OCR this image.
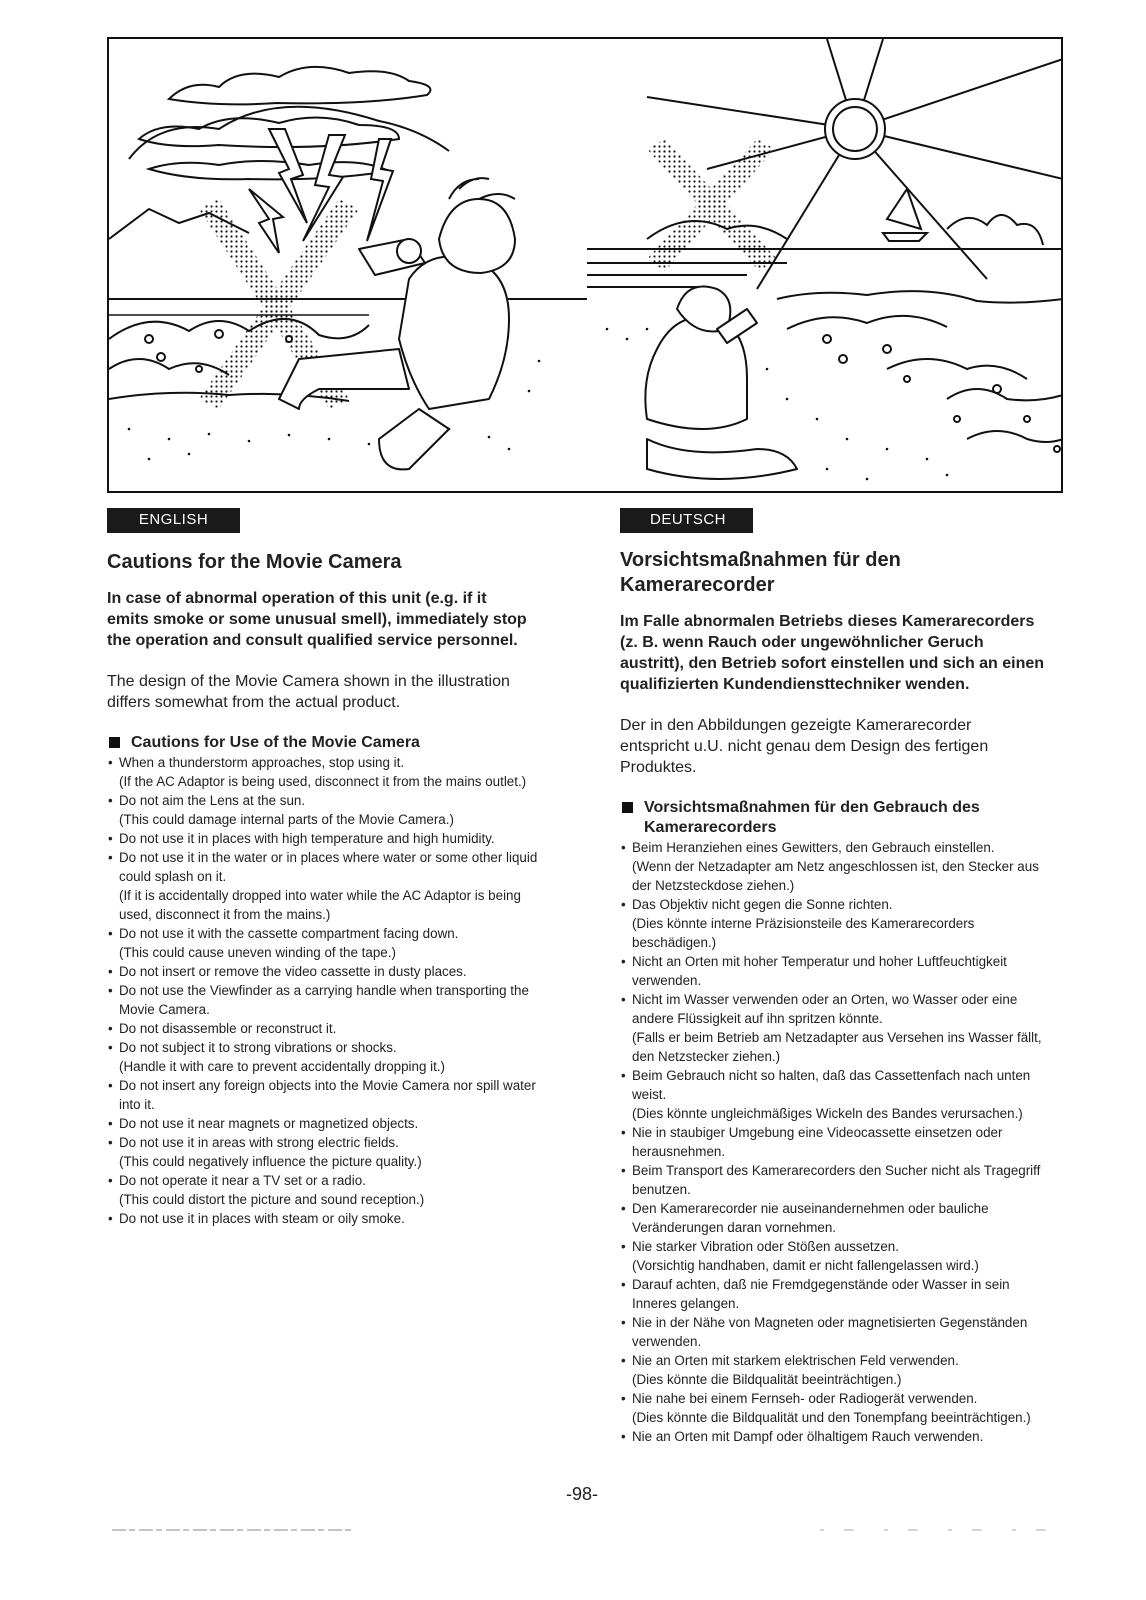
ENGLISH
Cautions for the Movie Camera
In case of abnormal operation of this unit (e.g. if it emits smoke or some unusual smell), immediately stop the operation and consult qualified service personnel.
The design of the Movie Camera shown in the illustration differs somewhat from the actual product.
Cautions for Use of the Movie Camera
• When a thunderstorm approaches, stop using it.
(If the AC Adaptor is being used, disconnect it from the mains outlet.)
• Do not aim the Lens at the sun.
(This could damage internal parts of the Movie Camera.)
• Do not use it in places with high temperature and high humidity.
• Do not use it in the water or in places where water or some other liquid could splash on it.
(If it is accidentally dropped into water while the AC Adaptor is being used, disconnect it from the mains.)
• Do not use it with the cassette compartment facing down.
(This could cause uneven winding of the tape.)
• Do not insert or remove the video cassette in dusty places.
• Do not use the Viewfinder as a carrying handle when transporting the Movie Camera.
• Do not disassemble or reconstruct it.
• Do not subject it to strong vibrations or shocks.
(Handle it with care to prevent accidentally dropping it.)
• Do not insert any foreign objects into the Movie Camera nor spill water into it.
• Do not use it near magnets or magnetized objects.
• Do not use it in areas with strong electric fields.
(This could negatively influence the picture quality.)
• Do not operate it near a TV set or a radio.
(This could distort the picture and sound reception.)
• Do not use it in places with steam or oily smoke.
DEUTSCH
Vorsichtsmaßnahmen für den Kamerarecorder
Im Falle abnormalen Betriebs dieses Kamerarecorders (z. B. wenn Rauch oder ungewöhnlicher Geruch austritt), den Betrieb sofort einstellen und sich an einen qualifizierten Kundendiensttechniker wenden.
Der in den Abbildungen gezeigte Kamerarecorder entspricht u.U. nicht genau dem Design des fertigen Produktes.
Vorsichtsmaßnahmen für den Gebrauch des Kamerarecorders
• Beim Heranziehen eines Gewitters, den Gebrauch einstellen.
(Wenn der Netzadapter am Netz angeschlossen ist, den Stecker aus der Netzsteckdose ziehen.)
• Das Objektiv nicht gegen die Sonne richten.
(Dies könnte interne Präzisionsteile des Kamerarecorders beschädigen.)
• Nicht an Orten mit hoher Temperatur und hoher Luftfeuchtigkeit verwenden.
• Nicht im Wasser verwenden oder an Orten, wo Wasser oder eine andere Flüssigkeit auf ihn spritzen könnte.
(Falls er beim Betrieb am Netzadapter aus Versehen ins Wasser fällt, den Netzstecker ziehen.)
• Beim Gebrauch nicht so halten, daß das Cassettenfach nach unten weist.
(Dies könnte ungleichmäßiges Wickeln des Bandes verursachen.)
• Nie in staubiger Umgebung eine Videocassette einsetzen oder herausnehmen.
• Beim Transport des Kamerarecorders den Sucher nicht als Tragegriff benutzen.
• Den Kamerarecorder nie auseinandernehmen oder bauliche Veränderungen daran vornehmen.
• Nie starker Vibration oder Stößen aussetzen.
(Vorsichtig handhaben, damit er nicht fallengelassen wird.)
• Darauf achten, daß nie Fremdgegenstände oder Wasser in sein Inneres gelangen.
• Nie in der Nähe von Magneten oder magnetisierten Gegenständen verwenden.
• Nie an Orten mit starkem elektrischen Feld verwenden.
(Dies könnte die Bildqualität beeinträchtigen.)
• Nie nahe bei einem Fernseh- oder Radiogerät verwenden.
(Dies könnte die Bildqualität und den Tonempfang beeinträchtigen.)
• Nie an Orten mit Dampf oder ölhaltigem Rauch verwenden.
-98-
